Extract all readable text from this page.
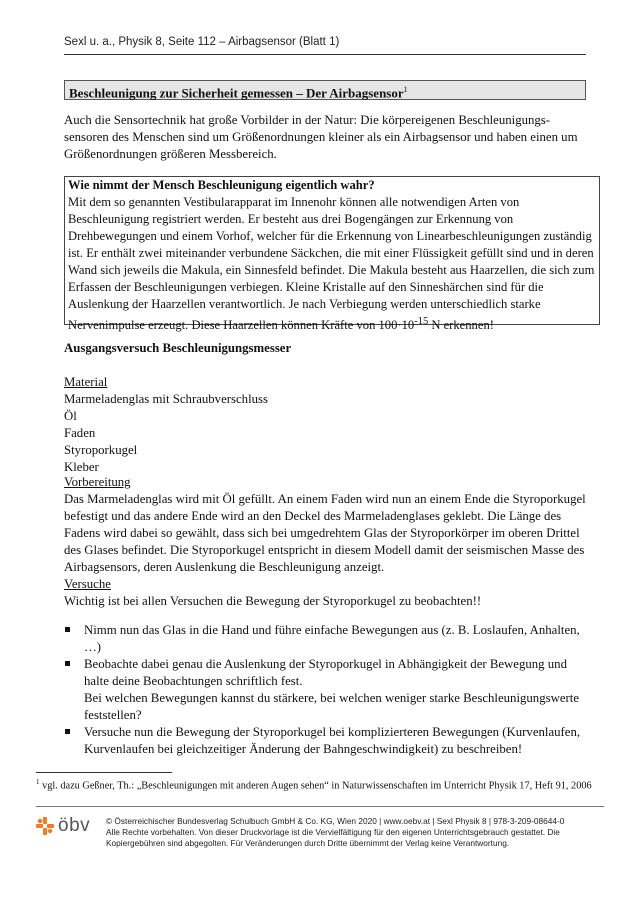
Sexl u. a., Physik 8, Seite 112 – Airbagsensor (Blatt 1)
Beschleunigung zur Sicherheit gemessen – Der Airbagsensor$^1$

Auch die Sensortechnik hat große Vorbilder in der Natur: Die körpereigenen Beschleunigungs-sensoren des Menschen sind um Größenordnungen kleiner als ein Airbagsensor und haben einen um Größenordnungen größeren Messbereich.

Wie nimmt der Mensch Beschleunigung eigentlich wahr?

Mit dem so genannten Vestibularapparat im Innenohr können alle notwendigen Arten von Beschleunigung registriert werden. Er besteht aus drei Bogengängen zur Erkennung von Drehbewegungen und einem Vorhof, welcher für die Erkennung von Linearbeschleunigungen zuständig ist. Er enthält zwei miteinander verbundene Säckchen, die mit einer Flüssigkeit gefüllt sind und in deren Wand sich jeweils die Makula, ein Sinnesfeld befindet. Die Makula besteht aus Haarzellen, die sich zum Erfassen der Beschleunigungen verbiegen. Kleine Kristalle auf den Sinneshärchen sind für die Auslenkung der Haarzellen verantwortlich. Je nach Verbiegung werden unterschiedlich starke Nervenimpulse erzeugt. Diese Haarzellen können Kräfte von $100\cdot 10^{-15}$ N erkennen!

Ausgangsversuch Beschleunigungsmesser

Material

Marmeladenglas mit Schraubverschluss

Öl

Faden

Styroporkugel

Kleber

Vorbereitung

Das Marmeladenglas wird mit Öl gefüllt. An einem Faden wird nun an einem Ende die Styroporkugel befestigt und das andere Ende wird an den Deckel des Marmeladenglases geklebt. Die Länge des Fadens wird dabei so gewählt, dass sich bei umgedrehtem Glas der Styroporkörper im oberen Drittel des Glases befindet. Die Styroporkugel entspricht in diesem Modell damit der seismischen Masse des Airbagsensors, deren Auslenkung die Beschleunigung anzeigt.

Versuche

Wichtig ist bei allen Versuchen die Bewegung der Styroporkugel zu beobachten!!

Nimm nun das Glas in die Hand und führe einfache Bewegungen aus (z. B. Loslaufen, Anhalten, …)
Beobachte dabei genau die Auslenkung der Styroporkugel in Abhängigkeit der Bewegung und halte deine Beobachtungen schriftlich fest.
Bei welchen Bewegungen kannst du stärkere, bei welchen weniger starke Beschleunigungswerte feststellen?
Versuche nun die Bewegung der Styroporkugel bei komplizierteren Bewegungen (Kurvenlaufen, Kurvenlaufen bei gleichzeitiger Änderung der Bahngeschwindigkeit) zu beschreiben!
$^1$ vgl. dazu Geßner, Th.: „Beschleunigungen mit anderen Augen sehen“ in Naturwissenschaften im Unterricht Physik 17, Heft 91, 2006
öbv © Österreichischer Bundesverlag Schulbuch GmbH & Co. KG, Wien 2020 | www.oebv.at | Sexl Physik 8 | 978-3-209-08644-0
Alle Rechte vorbehalten. Von dieser Druckvorlage ist die Vervielfältigung für den eigenen Unterrichtsgebrauch gestattet. Die Kopiergebühren sind abgegolten. Für Veränderungen durch Dritte übernimmt der Verlag keine Verantwortung.
